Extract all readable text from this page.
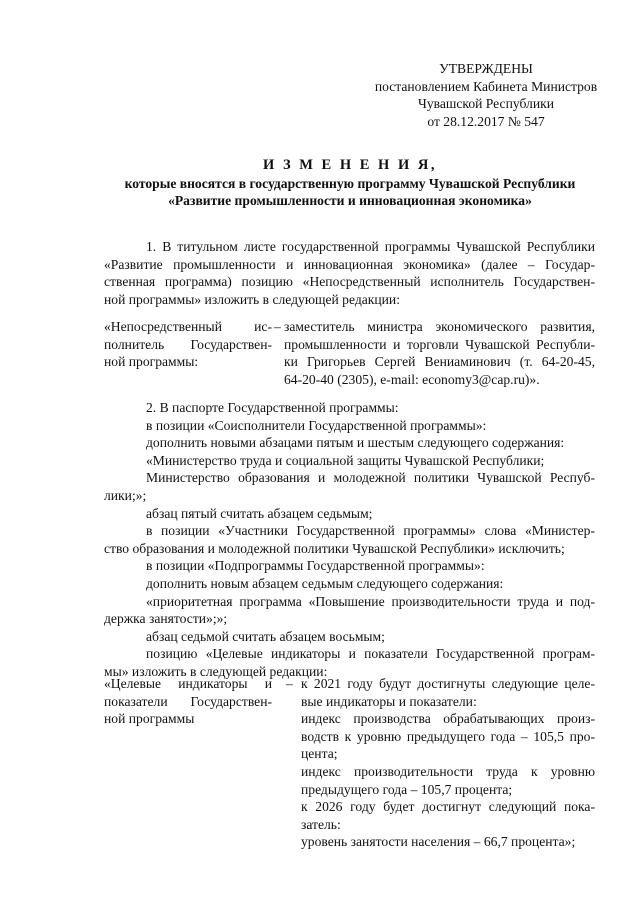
УТВЕРЖДЕНЫ
постановлением Кабинета Министров
Чувашской Республики
от 28.12.2017 № 547
И З М Е Н Е Н И Я,
которые вносятся в государственную программу Чувашской Республики
«Развитие промышленности и инновационная экономика»
1. В титульном листе государственной программы Чувашской Республики
«Развитие промышленности и инновационная экономика» (далее – Государ-
ственная программа) позицию «Непосредственный исполнитель Государствен-
ной программы» изложить в следующей редакции:
«Непосредственный ис-
полнитель Государствен-
ной программы:
– заместитель министра экономического развития,
промышленности и торговли Чувашской Республи-
ки Григорьев Сергей Вениаминович (т. 64-20-45,
64-20-40 (2305), e-mail: economy3@cap.ru)».
2. В паспорте Государственной программы:
в позиции «Соисполнители Государственной программы»:
дополнить новыми абзацами пятым и шестым следующего содержания:
«Министерство труда и социальной защиты Чувашской Республики;
Министерство образования и молодежной политики Чувашской Респуб-
лики;»;
абзац пятый считать абзацем седьмым;
в позиции «Участники Государственной программы» слова «Министер-
ство образования и молодежной политики Чувашской Республики» исключить;
в позиции «Подпрограммы Государственной программы»:
дополнить новым абзацем седьмым следующего содержания:
«приоритетная программа «Повышение производительности труда и под-
держка занятости»;»;
абзац седьмой считать абзацем восьмым;
позицию «Целевые индикаторы и показатели Государственной програм-
мы» изложить в следующей редакции:
«Целевые индикаторы и
показатели Государствен-
ной программы
– к 2021 году будут достигнуты следующие целе-
вые индикаторы и показатели:
индекс производства обрабатывающих произ-
водств к уровню предыдущего года – 105,5 про-
цента;
индекс производительности труда к уровню
предыдущего года – 105,7 процента;
к 2026 году будет достигнут следующий пока-
затель:
уровень занятости населения – 66,7 процента»;
